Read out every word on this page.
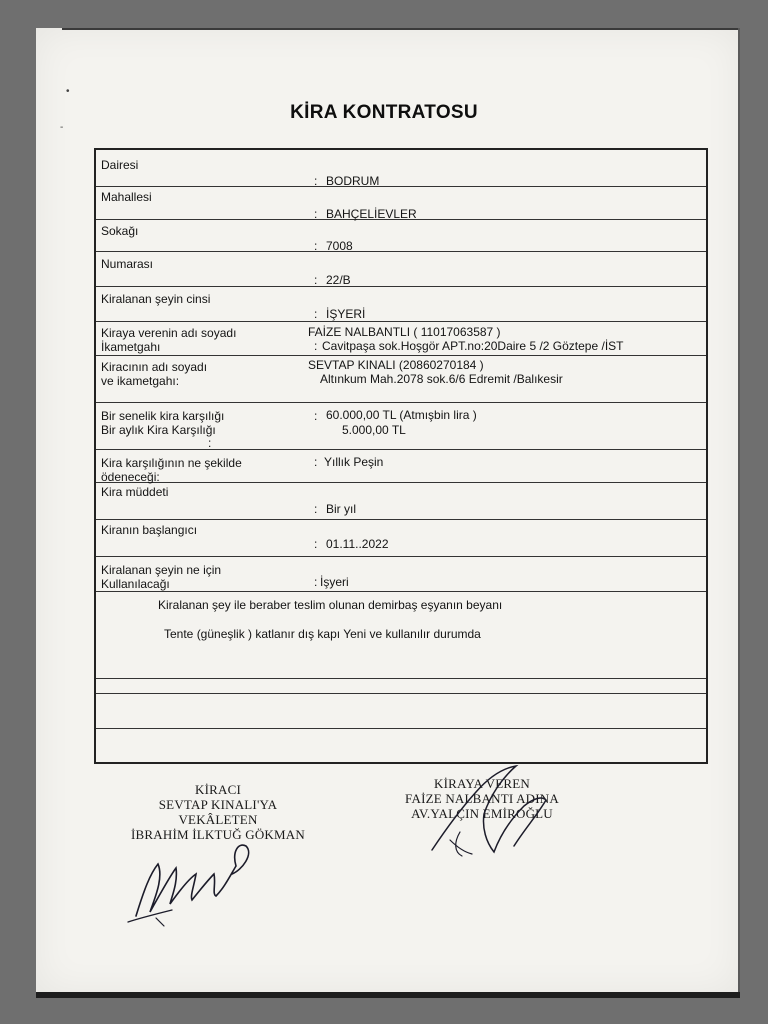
•
-
KİRA KONTRATOSU
Dairesi
: BODRUM
Mahallesi
: BAHÇELİEVLER
Sokağı
: 7008
Numarası
: 22/B
Kiralanan şeyin cinsi
: İŞYERİ
Kiraya verenin adı soyadı
İkametgahı
FAİZE NALBANTLI ( 11017063587 )
: Cavitpaşa sok.Hoşgör APT.no:20Daire 5 /2 Göztepe /İST
Kiracının adı soyadı
ve ikametgahı:
SEVTAP KINALI (20860270184 )
Altınkum Mah.2078 sok.6/6 Edremit /Balıkesir
Bir senelik kira karşılığı
Bir aylık Kira Karşılığı
: 60.000,00 TL (Atmışbin lira )
5.000,00 TL
:
Kira karşılığının ne şekilde
ödeneceği:
: Yıllık Peşin
Kira müddeti
: Bir yıl
Kiranın başlangıcı
: 01.11..2022
Kiralanan şeyin ne için
Kullanılacağı	: İşyeri
Kiralanan şey ile beraber teslim olunan demirbaş eşyanın beyanı
Tente (güneşlik ) katlanır dış kapı Yeni ve kullanılır durumda
KİRACI
SEVTAP KINALI'YA
VEKÂLETEN
İBRAHİM İLKTUĞ GÖKMAN
KİRAYA VEREN
FAİZE NALBANTI ADINA
AV.YALÇIN EMİROĞLU
